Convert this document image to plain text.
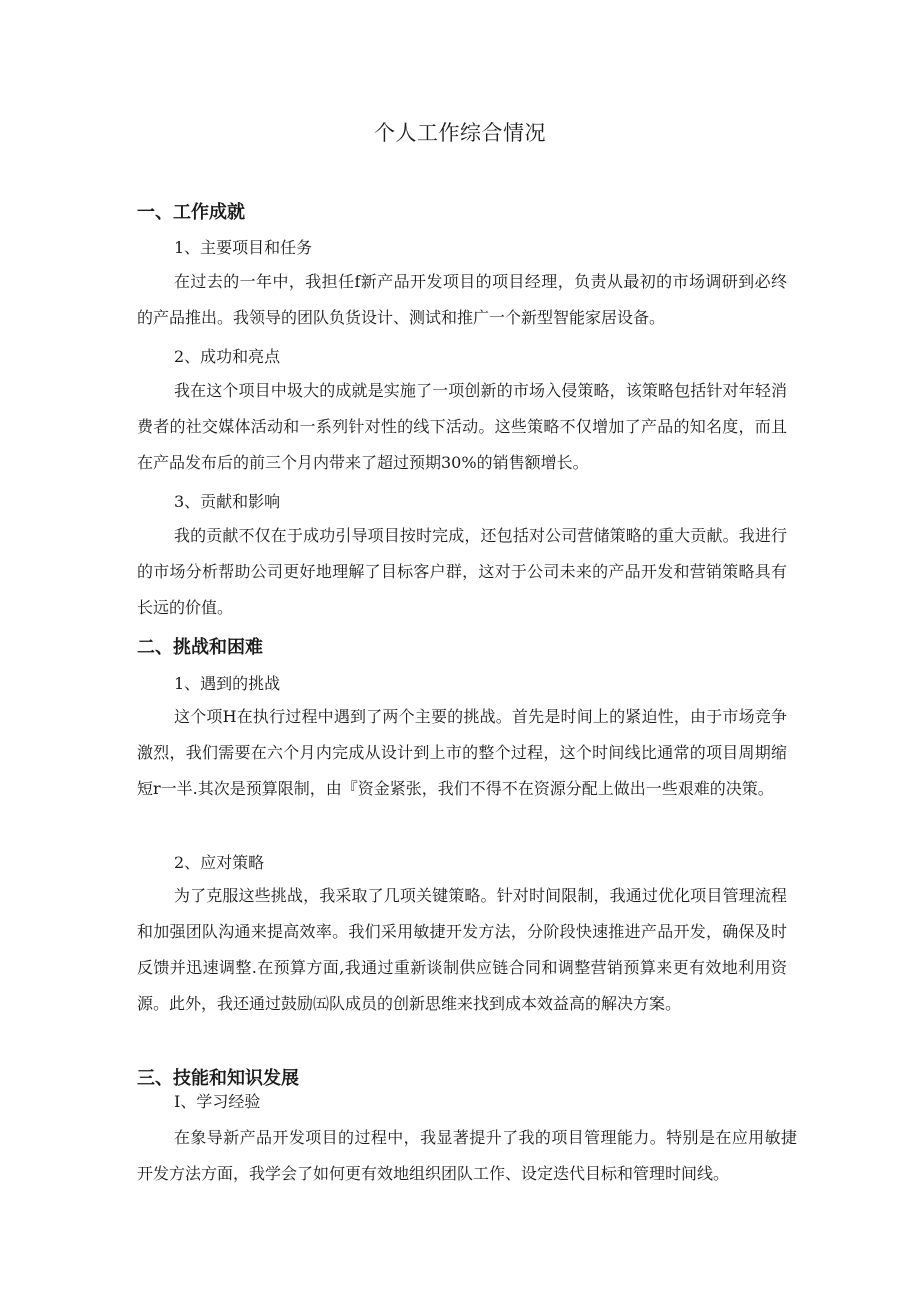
个人工作综合情况
一、工作成就
1、主要项目和任务

在过去的一年中，我担任f新产品开发项目的项目经理，负责从最初的市场调研到必终的产品推出。我领导的团队负货设计、测试和推广一个新型智能家居设备。

2、成功和亮点

我在这个项目中圾大的成就是实施了一项创新的市场入侵策略，该策略包括针对年轻消费者的社交媒体活动和一系列针对性的线下活动。这些策略不仅增加了产品的知名度，而且在产品发布后的前三个月内带来了超过预期30%的销售额增长。

3、贡献和影响

我的贡献不仅在于成功引导项目按时完成，还包括对公司营储策略的重大贡献。我进行的市场分析帮助公司更好地理解了目标客户群，这对于公司未来的产品开发和营销策略具有长远的价值。

二、挑战和困难
1、遇到的挑战

这个项H在执行过程中遇到了两个主要的挑战。首先是时间上的紧迫性，由于市场竞争激烈，我们需要在六个月内完成从设计到上市的整个过程，这个时间线比通常的项目周期缩短r一半.其次是预算限制，由『资金紧张，我们不得不在资源分配上做出一些艰难的决策。

2、应对策略

为了克服这些挑战，我采取了几项关键策略。针对时间限制，我通过优化项目管理流程和加强团队沟通来提高效率。我们采用敏捷开发方法，分阶段快速推进产品开发，确保及时反馈并迅速调整.在预算方面,我通过重新谈制供应链合同和调整营销预算来更有效地利用资源。此外，我还通过鼓励㈤队成员的创新思维来找到成本效益高的解决方案。

三、技能和知识发展
I、学习经验

在象导新产品开发项目的过程中，我显著提升了我的项目管理能力。特别是在应用敏捷开发方法方面，我学会了如何更有效地组织团队工作、设定迭代目标和管理时间线。
